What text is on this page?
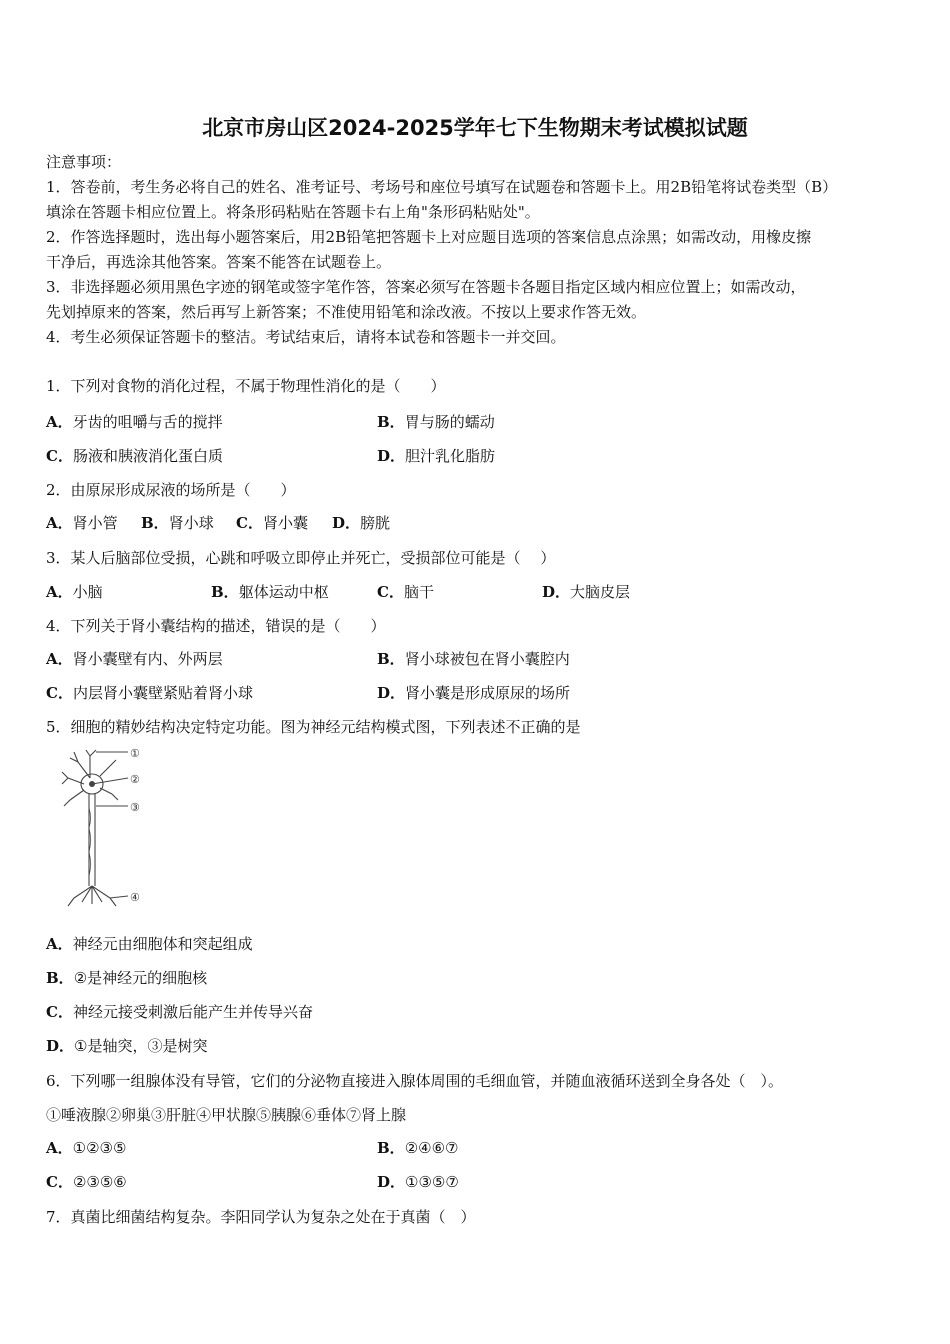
北京市房山区2024-2025学年七下生物期末考试模拟试题
注意事项：
1．答卷前，考生务必将自己的姓名、准考证号、考场号和座位号填写在试题卷和答题卡上。用2B铅笔将试卷类型（B）
填涂在答题卡相应位置上。将条形码粘贴在答题卡右上角"条形码粘贴处"。
2．作答选择题时，选出每小题答案后，用2B铅笔把答题卡上对应题目选项的答案信息点涂黑；如需改动，用橡皮擦
干净后，再选涂其他答案。答案不能答在试题卷上。
3．非选择题必须用黑色字迹的钢笔或签字笔作答，答案必须写在答题卡各题目指定区域内相应位置上；如需改动，
先划掉原来的答案，然后再写上新答案；不准使用铅笔和涂改液。不按以上要求作答无效。
4．考生必须保证答题卡的整洁。考试结束后，请将本试卷和答题卡一并交回。
1．下列对食物的消化过程，不属于物理性消化的是（　　）
A．牙齿的咀嚼与舌的搅拌	B．胃与肠的蠕动
C．肠液和胰液消化蛋白质	D．胆汁乳化脂肪
2．由原尿形成尿液的场所是（　　）
A．肾小管 B．肾小球 C．肾小囊 D．膀胱
3．某人后脑部位受损，心跳和呼吸立即停止并死亡，受损部位可能是（　 ）
A．小脑	B．躯体运动中枢	C．脑干	D．大脑皮层
4．下列关于肾小囊结构的描述，错误的是（　　）
A．肾小囊壁有内、外两层	B．肾小球被包在肾小囊腔内
C．内层肾小囊壁紧贴着肾小球	D．肾小囊是形成原尿的场所
5．细胞的精妙结构决定特定功能。图为神经元结构模式图，下列表述不正确的是
①
②
③
④
A．神经元由细胞体和突起组成
B．②是神经元的细胞核
C．神经元接受刺激后能产生并传导兴奋
D．①是轴突，③是树突
6．下列哪一组腺体没有导管，它们的分泌物直接进入腺体周围的毛细血管，并随血液循环送到全身各处（　）。
①唾液腺②卵巢③肝脏④甲状腺⑤胰腺⑥垂体⑦肾上腺
A．①②③⑤	B．②④⑥⑦
C．②③⑤⑥	D．①③⑤⑦
7．真菌比细菌结构复杂。李阳同学认为复杂之处在于真菌（　）
